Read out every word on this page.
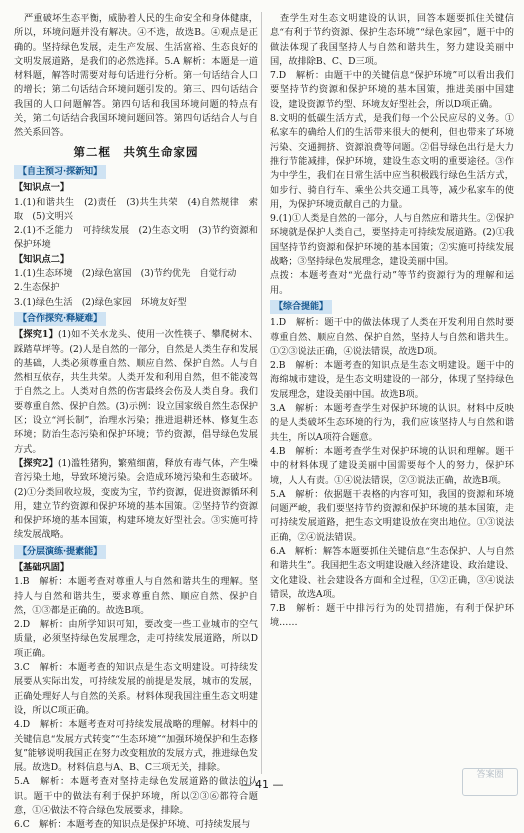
严重破坏生态平衡，威胁着人民的生命安全和身体健康，所以，环境问题并没有解决。④不选，故选B。④观点是正确的。坚持绿色发展，走生产发展、生活富裕、生态良好的文明发展道路，是我们的必然选择。5.A 解析：本题是一道材料题，解答时需要对每句话进行分析。第一句话结合人口的增长；第二句话结合环境问题引发的。第三、四句话结合我国的人口问题解答。第四句话和我国环境问题的特点有关，第二句话结合我国环境问题回答。第四句话结合人与自然关系回答。

第二框　共筑生命家园
【自主预习·探新知】

【知识点一】

1.(1)和谐共生　(2)责任　(3)共生共荣　(4)自然规律　索取　(5)文明兴

2.(1)不乏能力　可持续发展　(2)生态文明　(3)节约资源和保护环境

【知识点二】

1.(1)生态环境　(2)绿色富国　(3)节约优先　自觉行动

2.生态保护

3.(1)绿色生活　(2)绿色家园　环境友好型

【合作探究·释疑难】

【探究1】(1)如不关水龙头、使用一次性筷子、攀爬树木、踩踏草坪等。(2)人是自然的一部分，自然是人类生存和发展的基础，人类必须尊重自然、顺应自然、保护自然。人与自然相互依存，共生共荣。人类开发和利用自然，但不能凌驾于自然之上。人类对自然的伤害最终会伤及人类自身。我们要尊重自然、保护自然。(3)示例：设立国家级自然生态保护区；设立“河长制”，治理水污染；推进退耕还林、修复生态环境；防治生态污染和保护环境；节约资源，倡导绿色发展方式。

【探究2】(1)滥牲猪狗，繁殖细菌，释放有毒气体，产生噪音污染土地，导致环境污染。会造成环境污染和生态破坏。(2)①分类回收垃圾，变废为宝，节约资源，促进资源循环利用，建立节约资源和保护环境的基本国策。②坚持节约资源和保护环境的基本国策，构建环境友好型社会。③实施可持续发展战略。

【分层演练·提素能】

【基础巩固】

1.B　解析：本题考查对尊重人与自然和谐共生的理解。坚持人与自然和谐共生，要求尊重自然、顺应自然、保护自然，①③都是正确的。故选B项。

2.D　解析：由所学知识可知，要改变一些工业城市的空气质量，必须坚持绿色发展理念，走可持续发展道路，所以D项正确。

3.C　解析：本题考查的知识点是生态文明建设。可持续发展要从实际出发，可持续发展的前提是发展，城市的发展，正确处理好人与自然的关系。材料体现我国注重生态文明建设，所以C项正确。

4.D　解析：本题考查对可持续发展战略的理解。材料中的关键信息“发展方式转变”“生态环境”“加强环境保护和生态修复”能够说明我国正在努力改变粗放的发展方式，推进绿色发展。故选D。材料信息与A、B、C三项无关，排除。

5.A　解析：本题考查对坚持走绿色发展道路的做法的认识。题干中的做法有利于保护环境，所以②③⑥都符合题意，①④做法不符合绿色发展要求，排除。

6.C　解析：本题考查的知识点是保护环境、可持续发展与

查学生对生态文明建设的认识，回答本题要抓住关键信息“有利于节约资源、保护生态环境”“绿色家园”，题干中的做法体现了我国坚持人与自然和谐共生，努力建设美丽中国，故排除B、C、D三项。

7.D　解析：由题干中的关键信息“保护环境”可以看出我们要坚持节约资源和保护环境的基本国策，推进美丽中国建设，建设资源节约型、环境友好型社会，所以D项正确。

8.文明的低碳生活方式，是我们每一个公民应尽的义务。①私家车的确给人们的生活带来很大的便利，但也带来了环境污染、交通拥挤、资源浪费等问题。②倡导绿色出行是大力推行节能减排，保护环境，建设生态文明的重要途径。③作为中学生，我们在日常生活中应当积极践行绿色生活方式，如步行、骑自行车、乘坐公共交通工具等，减少私家车的使用，为保护环境贡献自己的力量。

9.(1)①人类是自然的一部分，人与自然应和谐共生。②保护环境就是保护人类自己，要坚持走可持续发展道路。(2)①我国坚持节约资源和保护环境的基本国策；②实施可持续发展战略；③坚持绿色发展理念，建设美丽中国。

点拨：本题考查对“光盘行动”等节约资源行为的理解和运用。

【综合提能】

1.D　解析：题干中的做法体现了人类在开发利用自然时要尊重自然、顺应自然、保护自然，坚持人与自然和谐共生。①②③说法正确，④说法错误，故选D项。

2.B　解析：本题考查的知识点是生态文明建设。题干中的海绵城市建设，是生态文明建设的一部分，体现了坚持绿色发展理念，建设美丽中国。故选B项。

3.A　解析：本题考查学生对保护环境的认识。材料中反映的是人类破坏生态环境的行为，我们应该坚持人与自然和谐共生，所以A项符合题意。

4.B　解析：本题考查学生对保护环境的认识和理解。题干中的材料体现了建设美丽中国需要每个人的努力，保护环境，人人有责。①④说法错误，②③说法正确，故选B项。

5.A　解析：依据题干表格的内容可知，我国的资源和环境问题严峻，我们要坚持节约资源和保护环境的基本国策，走可持续发展道路，把生态文明建设放在突出地位。①③说法正确，②④说法错误。

6.A　解析：解答本题要抓住关键信息“生态保护、人与自然和谐共生”。我国把生态文明建设融入经济建设、政治建设、文化建设、社会建设各方面和全过程，①②正确，③④说法错误，故选A项。

7.B　解析：题干中排污行为的处罚措施，有利于保护环境……

— 41 —
答案圈
